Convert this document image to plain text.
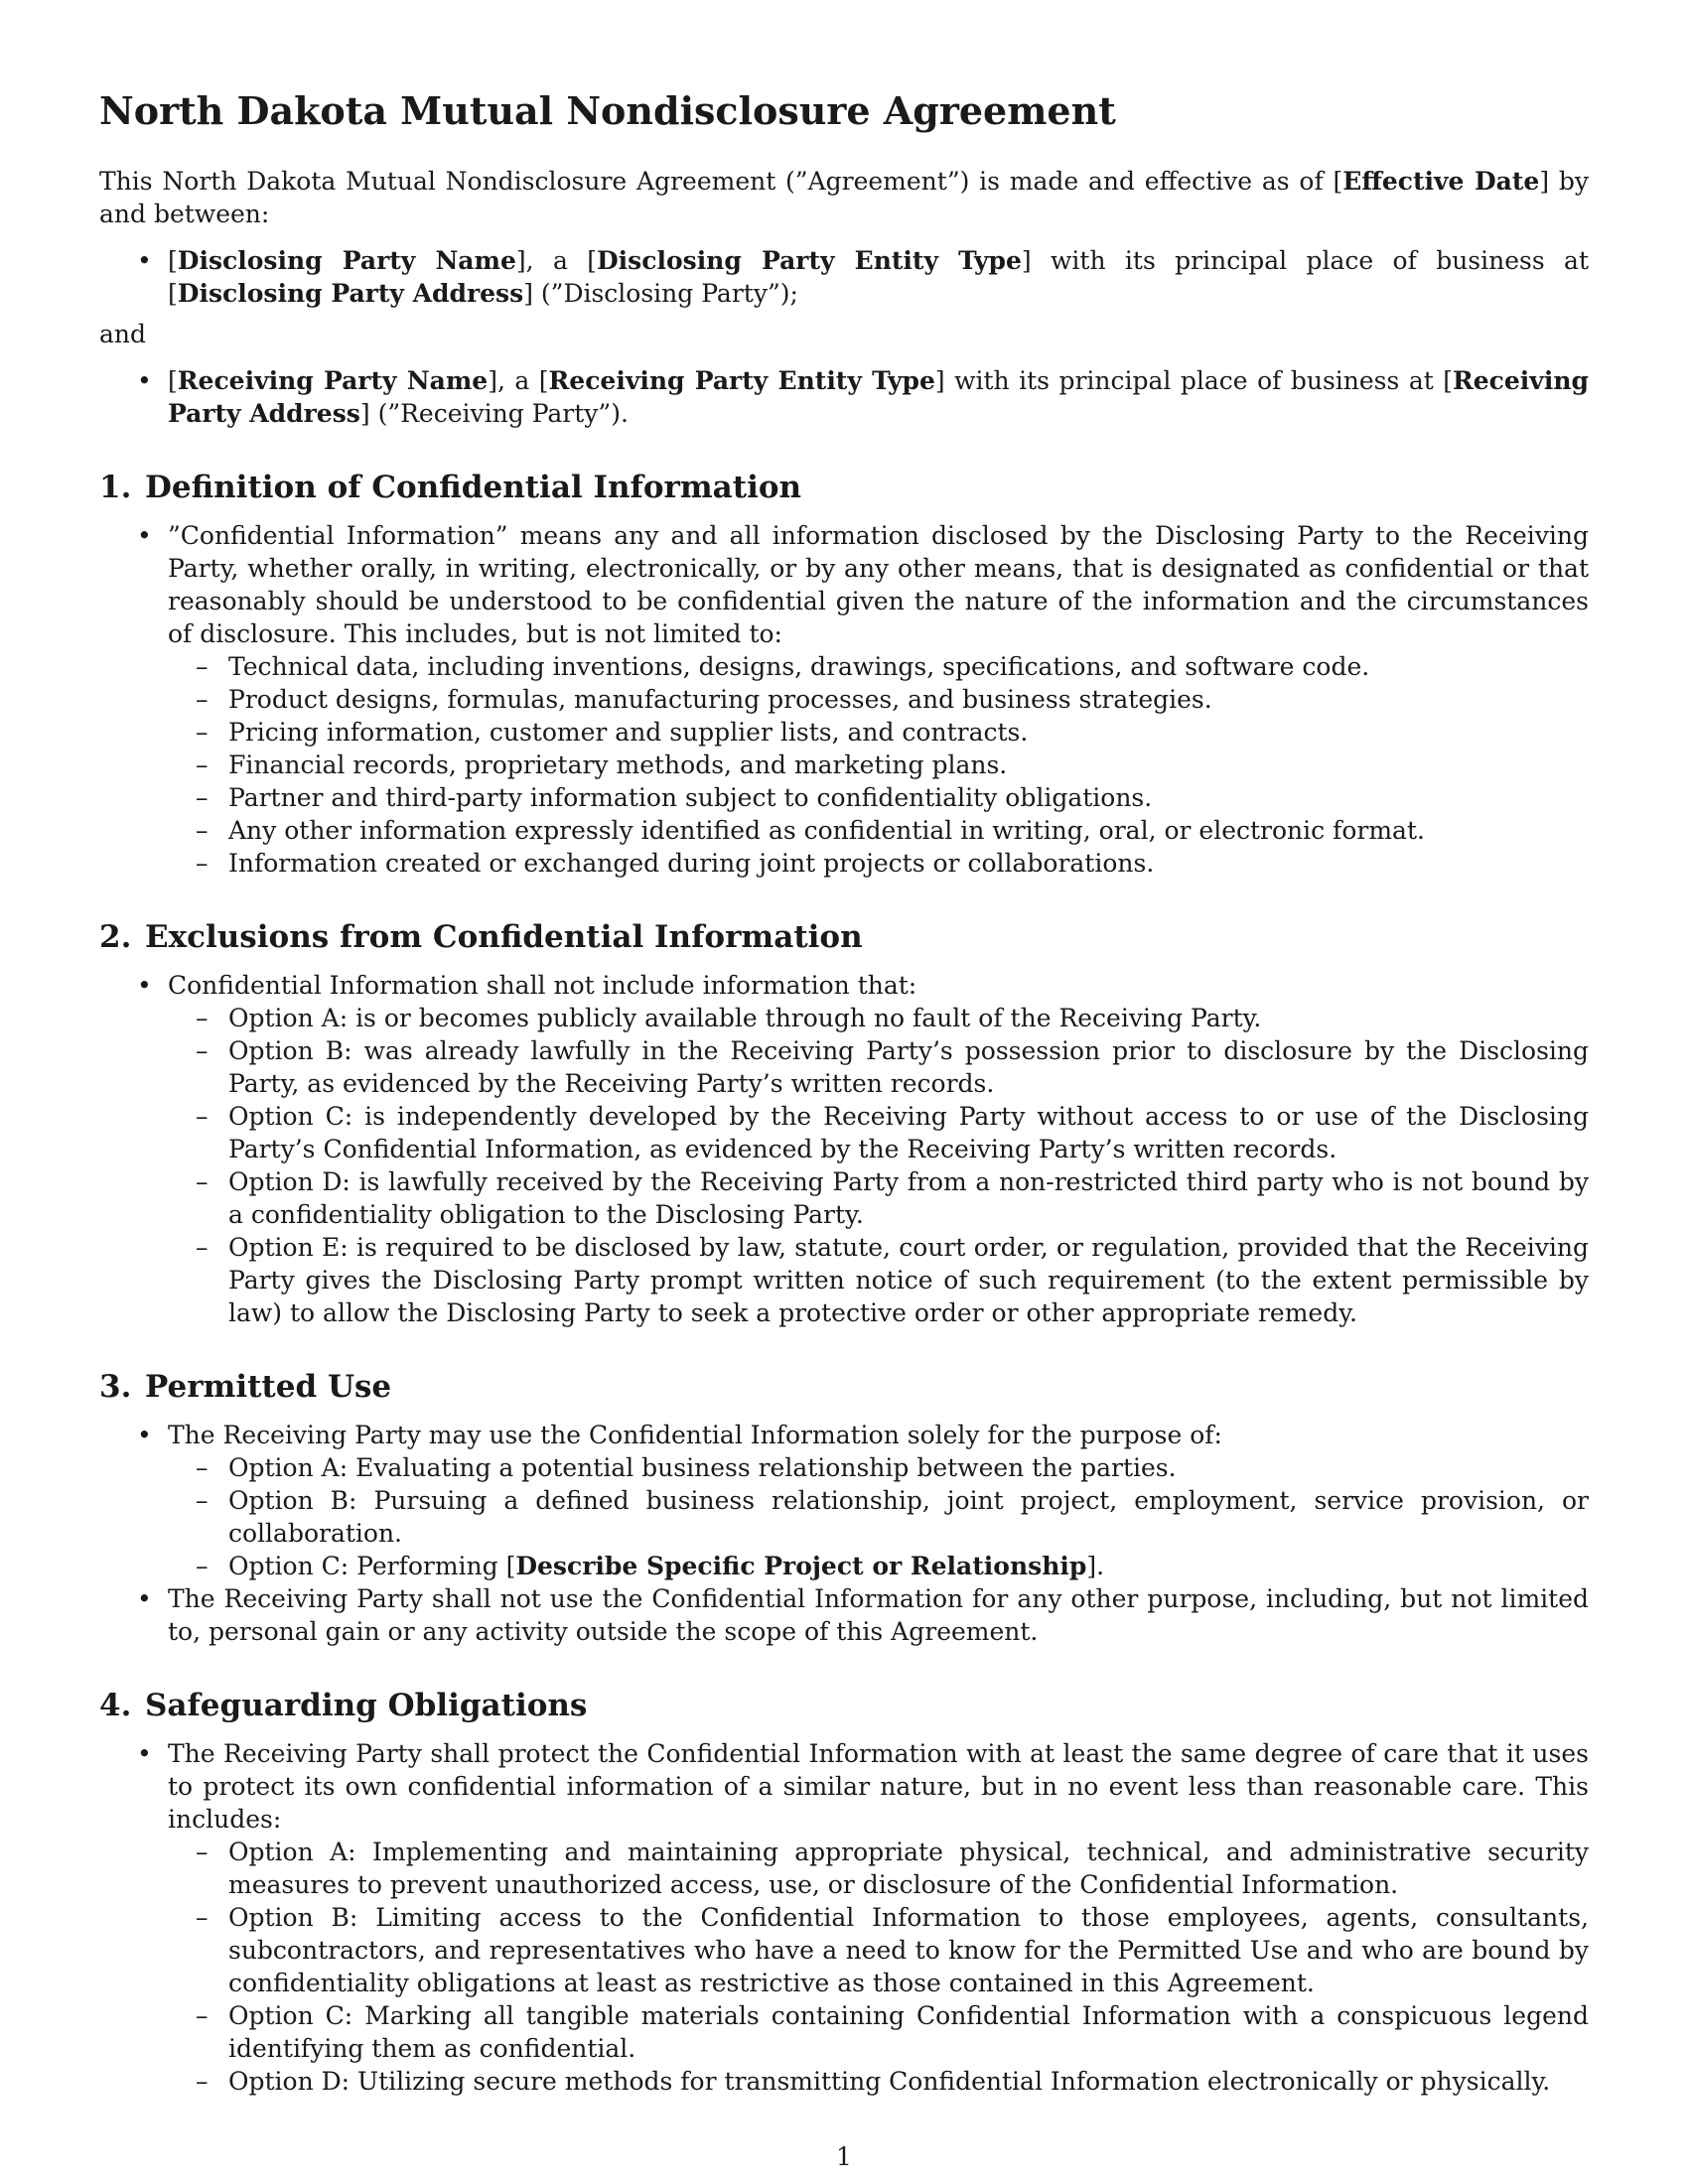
North Dakota Mutual Nondisclosure Agreement

This North Dakota Mutual Nondisclosure Agreement (”Agreement”) is made and effective as of [Effective Date] by and between:

• [Disclosing Party Name], a [Disclosing Party Entity Type] with its principal place of business at [Disclosing Party Address] (”Disclosing Party”);

and

• [Receiving Party Name], a [Receiving Party Entity Type] with its principal place of business at [Receiving Party Address] (”Receiving Party”).
1. Definition of Confidential Information
• ”Confidential Information” means any and all information disclosed by the Disclosing Party to the Receiving Party, whether orally, in writing, electronically, or by any other means, that is designated as confidential or that reasonably should be understood to be confidential given the nature of the information and the circumstances of disclosure. This includes, but is not limited to:
– Technical data, including inventions, designs, drawings, specifications, and software code.
– Product designs, formulas, manufacturing processes, and business strategies.
– Pricing information, customer and supplier lists, and contracts.
– Financial records, proprietary methods, and marketing plans.
– Partner and third-party information subject to confidentiality obligations.
– Any other information expressly identified as confidential in writing, oral, or electronic format.
– Information created or exchanged during joint projects or collaborations.
2. Exclusions from Confidential Information
• Confidential Information shall not include information that:
– Option A: is or becomes publicly available through no fault of the Receiving Party.
– Option B: was already lawfully in the Receiving Party’s possession prior to disclosure by the Disclosing Party, as evidenced by the Receiving Party’s written records.
– Option C: is independently developed by the Receiving Party without access to or use of the Disclosing Party’s Confidential Information, as evidenced by the Receiving Party’s written records.
– Option D: is lawfully received by the Receiving Party from a non-restricted third party who is not bound by a confidentiality obligation to the Disclosing Party.
– Option E: is required to be disclosed by law, statute, court order, or regulation, provided that the Receiving Party gives the Disclosing Party prompt written notice of such requirement (to the extent permissible by law) to allow the Disclosing Party to seek a protective order or other appropriate remedy.
3. Permitted Use
• The Receiving Party may use the Confidential Information solely for the purpose of:
– Option A: Evaluating a potential business relationship between the parties.
– Option B: Pursuing a defined business relationship, joint project, employment, service provision, or collaboration.
– Option C: Performing [Describe Specific Project or Relationship].
• The Receiving Party shall not use the Confidential Information for any other purpose, including, but not limited to, personal gain or any activity outside the scope of this Agreement.
4. Safeguarding Obligations
• The Receiving Party shall protect the Confidential Information with at least the same degree of care that it uses to protect its own confidential information of a similar nature, but in no event less than reasonable care. This includes:
– Option A: Implementing and maintaining appropriate physical, technical, and administrative security measures to prevent unauthorized access, use, or disclosure of the Confidential Information.
– Option B: Limiting access to the Confidential Information to those employees, agents, consultants, subcontractors, and representatives who have a need to know for the Permitted Use and who are bound by confidentiality obligations at least as restrictive as those contained in this Agreement.
– Option C: Marking all tangible materials containing Confidential Information with a conspicuous legend identifying them as confidential.
– Option D: Utilizing secure methods for transmitting Confidential Information electronically or physically.
1
